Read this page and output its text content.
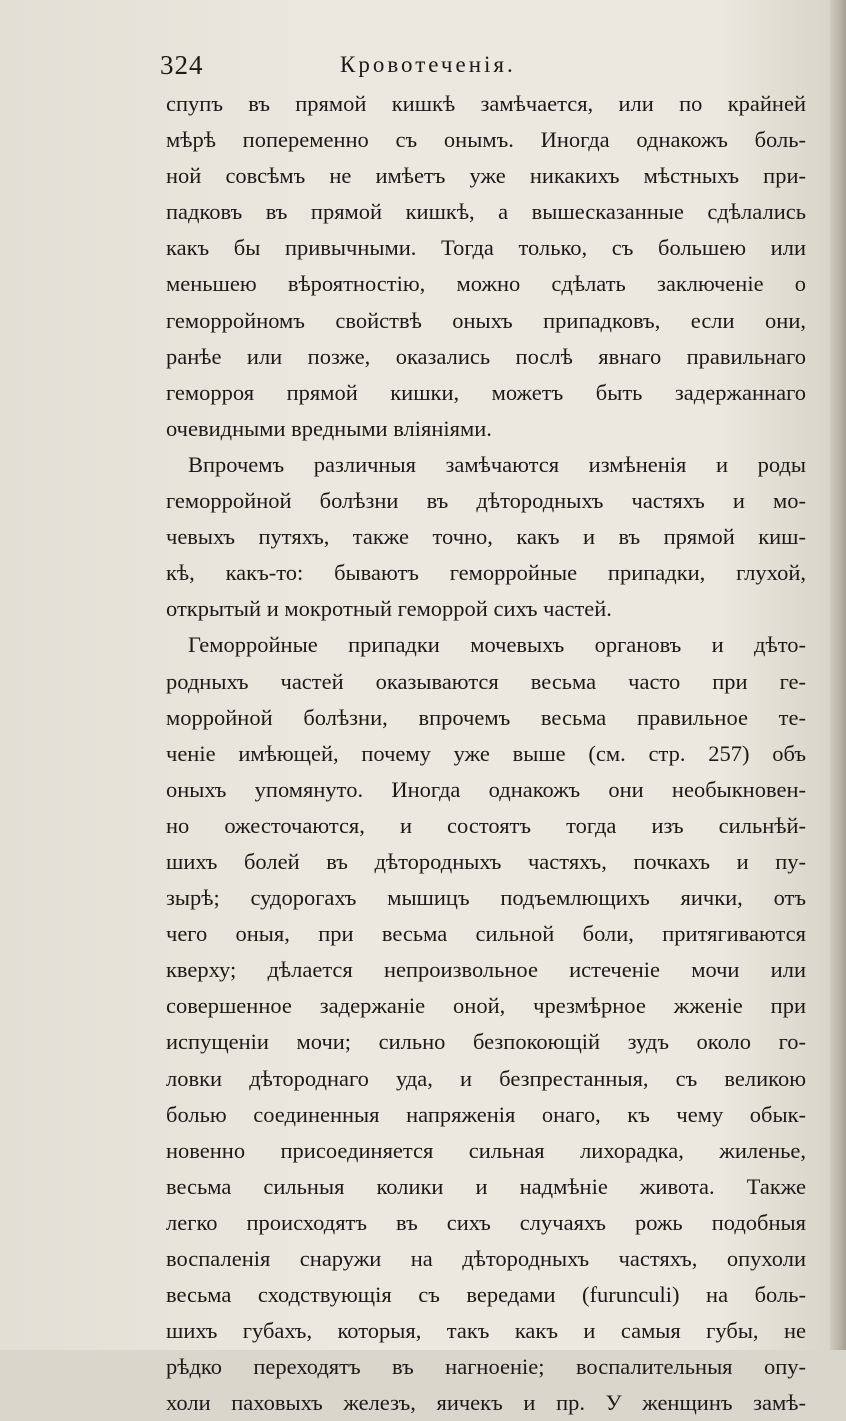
324	Кровотеченія.

спупъ въ прямой кишкѣ замѣчается, или по крайней
мѣрѣ попеременно съ онымъ. Иногда однакожъ боль-
ной совсѣмъ не имѣетъ уже никакихъ мѣстныхъ при-
падковъ въ прямой кишкѣ, а вышесказанные сдѣлались
какъ бы привычными. Тогда только, съ большею или
меньшею вѣроятностію, можно сдѣлать заключеніе о
геморройномъ свойствѣ оныхъ припадковъ, если они,
ранѣе или позже, оказались послѣ явнаго правильнаго
геморроя прямой кишки, можетъ быть задержаннаго
очевидными вредными вліяніями.

Впрочемъ различныя замѣчаются измѣненія и роды
геморройной болѣзни въ дѣтородныхъ частяхъ и мо-
чевыхъ путяхъ, также точно, какъ и въ прямой киш-
кѣ, какъ-то: бываютъ геморройные припадки, глухой,
открытый и мокротный геморрой сихъ частей.

Геморройные припадки мочевыхъ органовъ и дѣто-
родныхъ частей оказываются весьма часто при ге-
морройной болѣзни, впрочемъ весьма правильное те-
ченіе имѣющей, почему уже выше (см. стр. 257) объ
оныхъ упомянуто. Иногда однакожъ они необыкновен-
но ожесточаются, и состоятъ тогда изъ сильнѣй-
шихъ болей въ дѣтородныхъ частяхъ, почкахъ и пу-
зырѣ; судорогахъ мышицъ подъемлющихъ яички, отъ
чего оныя, при весьма сильной боли, притягиваются
кверху; дѣлается непроизвольное истеченіе мочи или
совершенное задержаніе оной, чрезмѣрное жженіе при
испущеніи мочи; сильно безпокоющій зудъ около го-
ловки дѣтороднаго уда, и безпрестанныя, съ великою
болью соединенныя напряженія онаго, къ чему обык-
новенно присоединяется сильная лихорадка, жиленье,
весьма сильныя колики и надмѣніе живота. Также
легко происходятъ въ сихъ случаяхъ рожь подобныя
воспаленія снаружи на дѣтородныхъ частяхъ, опухоли
весьма сходствующія съ вередами (furunculi) на боль-
шихъ губахъ, которыя, такъ какъ и самыя губы, не
рѣдко переходятъ въ нагноеніе; воспалительныя опу-
холи паховыхъ железъ, яичекъ и пр. У женщинъ замѣ-
